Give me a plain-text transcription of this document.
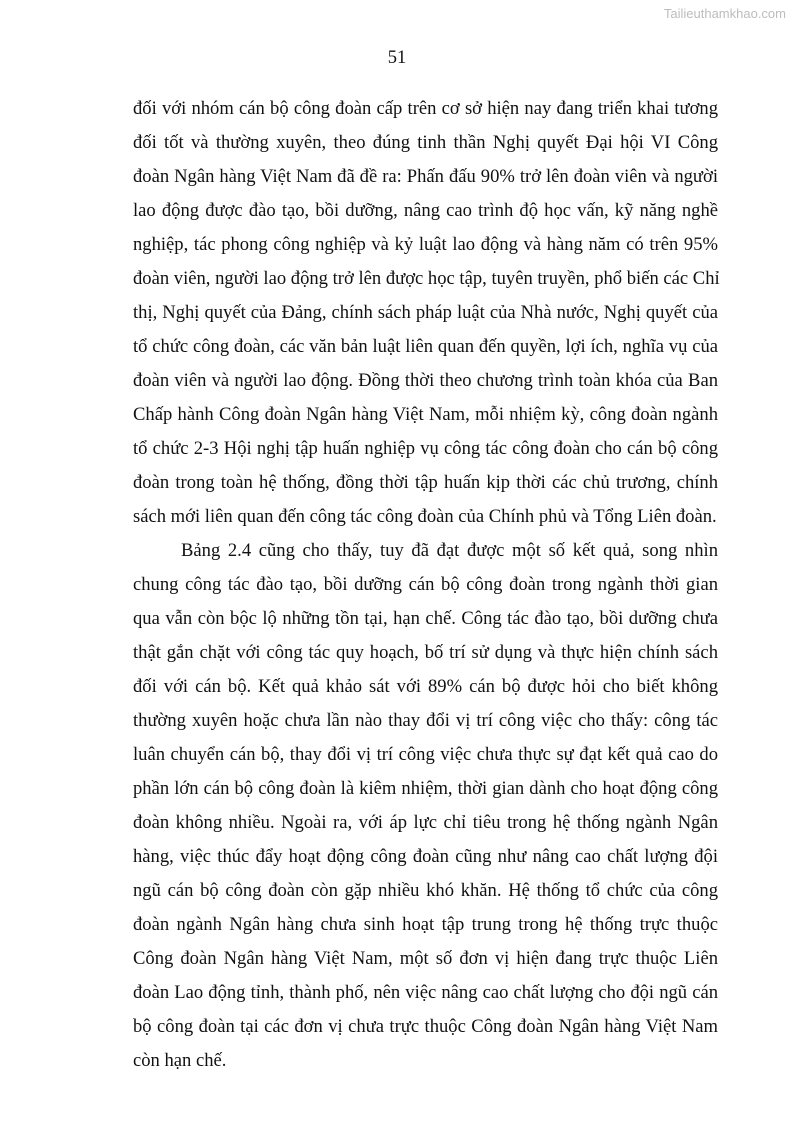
Tailieuthamkhao.com
51
đối với nhóm cán bộ công đoàn cấp trên cơ sở hiện nay đang triển khai tương
đối tốt và thường xuyên, theo đúng tinh thần Nghị quyết Đại hội VI Công
đoàn Ngân hàng Việt Nam đã đề ra: Phấn đấu 90% trở lên đoàn viên và người
lao động được đào tạo, bồi dưỡng, nâng cao trình độ học vấn, kỹ năng nghề
nghiệp, tác phong công nghiệp và kỷ luật lao động và hàng năm có trên 95%
đoàn viên, người lao động trở lên được học tập, tuyên truyền, phổ biến các Chỉ
thị, Nghị quyết của Đảng, chính sách pháp luật của Nhà nước, Nghị quyết của
tổ chức công đoàn, các văn bản luật liên quan đến quyền, lợi ích, nghĩa vụ của
đoàn viên và người lao động. Đồng thời theo chương trình toàn khóa của Ban
Chấp hành Công đoàn Ngân hàng Việt Nam, mỗi nhiệm kỳ, công đoàn ngành
tổ chức 2-3 Hội nghị tập huấn nghiệp vụ công tác công đoàn cho cán bộ công
đoàn trong toàn hệ thống, đồng thời tập huấn kịp thời các chủ trương, chính
sách mới liên quan đến công tác công đoàn của Chính phủ và Tổng Liên đoàn.
Bảng 2.4 cũng cho thấy, tuy đã đạt được một số kết quả, song nhìn
chung công tác đào tạo, bồi dưỡng cán bộ công đoàn trong ngành thời gian
qua vẫn còn bộc lộ những tồn tại, hạn chế. Công tác đào tạo, bồi dưỡng chưa
thật gắn chặt với công tác quy hoạch, bố trí sử dụng và thực hiện chính sách
đối với cán bộ. Kết quả khảo sát với 89% cán bộ được hỏi cho biết không
thường xuyên hoặc chưa lần nào thay đổi vị trí công việc cho thấy: công tác
luân chuyển cán bộ, thay đổi vị trí công việc chưa thực sự đạt kết quả cao do
phần lớn cán bộ công đoàn là kiêm nhiệm, thời gian dành cho hoạt động công
đoàn không nhiều. Ngoài ra, với áp lực chỉ tiêu trong hệ thống ngành Ngân
hàng, việc thúc đẩy hoạt động công đoàn cũng như nâng cao chất lượng đội
ngũ cán bộ công đoàn còn gặp nhiều khó khăn. Hệ thống tổ chức của công
đoàn ngành Ngân hàng chưa sinh hoạt tập trung trong hệ thống trực thuộc
Công đoàn Ngân hàng Việt Nam, một số đơn vị hiện đang trực thuộc Liên
đoàn Lao động tỉnh, thành phố, nên việc nâng cao chất lượng cho đội ngũ cán
bộ công đoàn tại các đơn vị chưa trực thuộc Công đoàn Ngân hàng Việt Nam
còn hạn chế.
